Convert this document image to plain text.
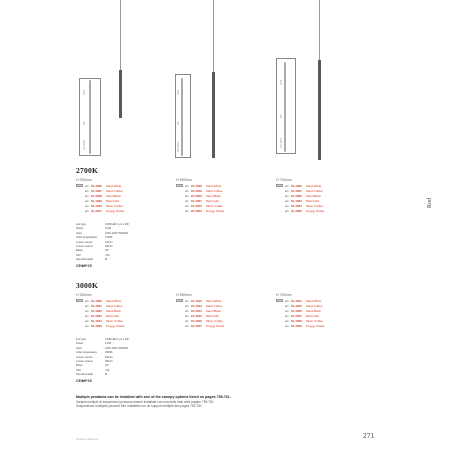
1000
600
max 2500
1000
600
max 2500
1000
600
max 2500
Rod
2700K
H 350mm	H 550mm	H 750mm
art. 01-4036	Sand White
art. 01-4037	Sand Coffee
art. 01-4038	Sand Black
art. 01-4039	Matt Gold
art. 01-4040	Silver Coffee
art. 01-4041	Froggy Nickel
art. 01-4048	Sand White
art. 01-4049	Sand Coffee
art. 01-4050	Sand Black
art. 01-4051	Matt Gold
art. 01-4052	Silver Coffee
art. 01-4053	Froggy Nickel
art. 01-4060	Sand White
art. 01-4061	Sand Coffee
art. 01-4062	Sand Black
art. 01-4063	Matt Gold
art. 01-4064	Silver Coffee
art. 01-4065	Froggy Nickel
Led type	COB LED 1 pc x 4W
Power	6,2W
Input	220V-240V 50/60Hz
Color temperature	2700K
Lumen source	610 lm
Lumen system	360 lm
Beam	34°
CRI	>90
Non-dimmable	Ø
CE⊕IP20
3000K
H 350mm	H 550mm	H 750mm
art. 01-4030	Sand White
art. 01-4031	Sand Coffee
art. 01-4032	Sand Black
art. 01-4033	Matt Gold
art. 01-4034	Silver Coffee
art. 01-4035	Froggy Nickel
art. 01-4042	Sand White
art. 01-4043	Sand Coffee
art. 01-4044	Sand Black
art. 01-4045	Matt Gold
art. 01-4046	Silver Coffee
art. 01-4047	Froggy Nickel
art. 01-4054	Sand White
art. 01-4055	Sand Coffee
art. 01-4056	Sand Black
art. 01-4057	Matt Gold
art. 01-4058	Silver Coffee
art. 01-4059	Froggy Nickel
Led type	COB LED 1 pc x 4W
Power	6,2W
Input	220V-240V 50/60Hz
Color temperature	3000K
Lumen source	640 lm
Lumen system	390 lm
Beam	34°
CRI	>90
Non-dimmable	Ø
CE⊕IP20
Multiple pendants can be installed with one of the canopy options listed on pages 759-761.
Varianti multiple di sospensioni possono essere installate con una delle basi nelle pagine 759-761.
Suspensions multiples peuvent être installées sur un support multiple des pages 759-761.
Lumia by Maytoni	271
